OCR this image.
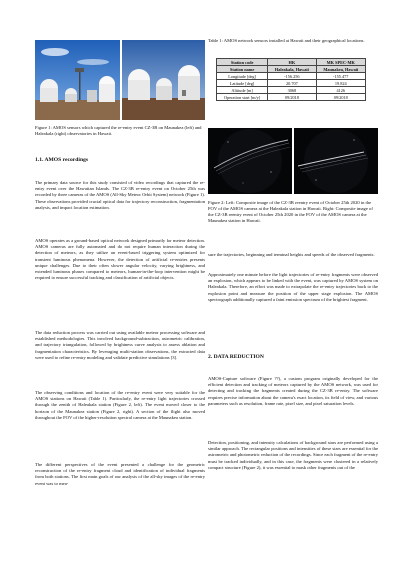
Figure 1: AMOS sensors which captured the re-entry event CZ-3B on Maunakea (left) and Haleakala (right) observatories in Hawaii.
1.1. AMOS recordings

The primary data source for this study consisted of video recordings that captured the re-entry event over the Hawaiian Islands. The CZ-3B re-entry event on October 25th was recorded by three cameras of the AMOS (All-Sky Meteor Orbit System) network (Figure 1). These observations provided crucial optical data for trajectory reconstruction, fragmentation analysis, and impact location estimation.

AMOS operates as a ground-based optical network designed primarily for meteor detection. AMOS cameras are fully automated and do not require human interaction during the detection of meteors, as they utilize an event-based triggering system optimized for transient luminous phenomena. However, the detection of artificial re-entries presents unique challenges. Due to their often slower angular velocity, varying brightness, and extended luminous phases compared to meteors, human-in-the-loop intervention might be required to ensure successful tracking and classification of artificial objects.

The data reduction process was carried out using available meteor processing software and established methodologies. This involved background-subtraction, astrometric calibration, and trajectory triangulation, followed by brightness curve analysis to assess ablation and fragmentation characteristics. By leveraging multi-station observations, the extracted data were used to refine re-entry modeling and validate predictive simulations [3].

The observing conditions and location of the re-entry event were very suitable for the AMOS stations on Hawaii (Table 1). Particularly, the re-entry light trajectories crossed through the zenith of Haleakala station (Figure 2, left). The event moved closer to the horizon of the Maunakea station (Figure 2, right). A section of the flight also moved throughout the FOV of the higher-resolution spectral camera at the Maunakea station.

The different perspectives of the event presented a challenge for the geometric reconstruction of the re-entry fragment cloud and identification of individual fragments from both stations. The first main goals of our analysis of the all-sky images of the re-entry event was to mea-

Table 1: AMOS network sensors installed at Hawaii and their geographical locations.
Station code	HK	MK SPEC-MK
Station name	Haleakala, Hawaii	Maunakea, Hawaii
Longitude [deg]	-156.256	-155.477
Latitude [deg]	20.707	19.824
Altitude [m]	3068	4126
Operation start [m/y]	09/2018	09/2018
Figure 2: Left: Composite image of the CZ-3B reentry event of October 25th 2020 in the FOV of the AMOS camera at the Haleakala station in Hawaii. Right: Composite image of the CZ-3B reentry event of October 25th 2020 in the FOV of the AMOS camera at the Maunakea station in Hawaii.

sure the trajectories, beginning and terminal heights and speeds of the observed fragments.

Approximately one minute before the light trajectories of re-entry fragments were observed an explosion, which appears to be linked with the event, was captured by AMOS system on Haleakala. Therefore, an effort was made to extrapolate the re-entry trajectories back to the explosion point and measure the position of the upper stage explosion. The AMOS spectrograph additionally captured a faint emission spectrum of the brightest fragment.

2. DATA REDUCTION

AMOS-Capture software (Figure ??), a custom program originally developed for the efficient detection and tracking of meteors captured by the AMOS network, was used for detecting and tracking the fragments created during the CZ-3B re-entry. The software requires precise information about the camera's exact location, its field of view, and various parameters such as resolution, frame rate, pixel size, and pixel saturation levels.

Detection, positioning, and intensity calculations of background stars are performed using a similar approach. The rectangular positions and intensities of these stars are essential for the astrometric and photometric reduction of the recordings. Since each fragment of the re-entry must be tracked individually, and in this case, the fragments were clustered in a relatively compact structure (Figure 2), it was essential to mask other fragments out of the
